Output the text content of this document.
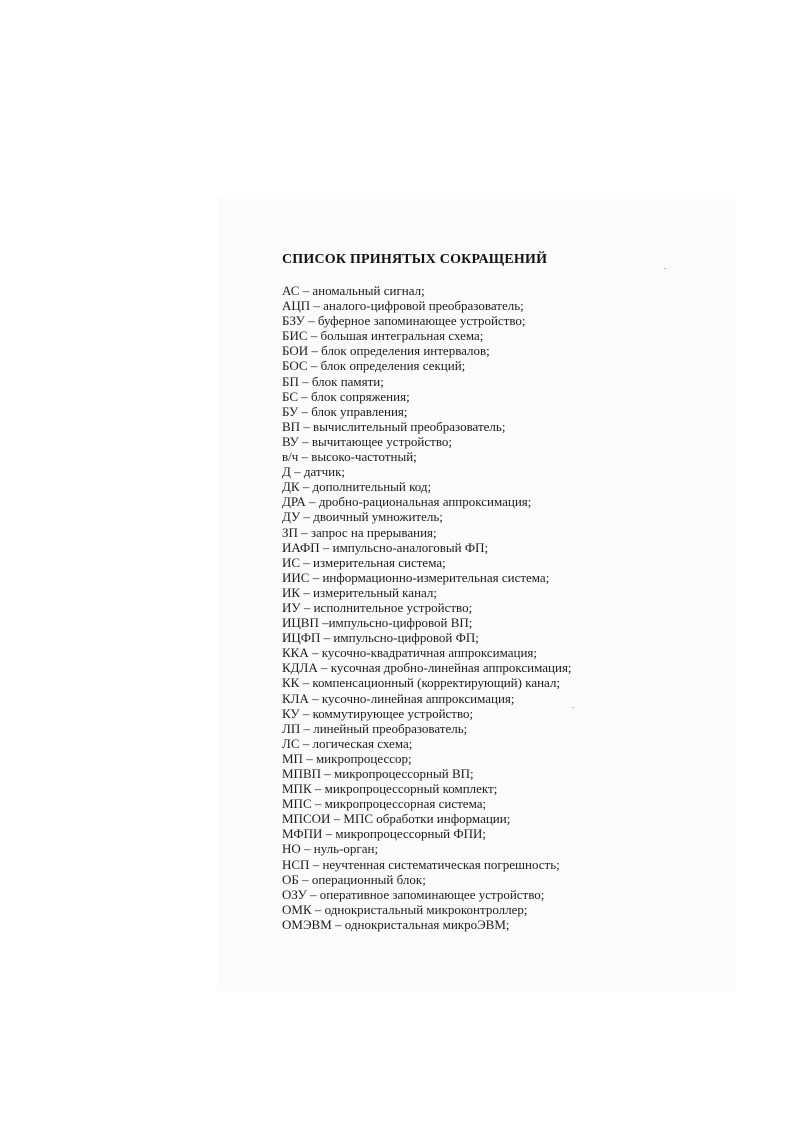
СПИСОК ПРИНЯТЫХ СОКРАЩЕНИЙ
АС – аномальный сигнал;
АЦП – аналого-цифровой преобразователь;
БЗУ – буферное запоминающее устройство;
БИС – большая интегральная схема;
БОИ – блок определения интервалов;
БОС – блок определения секций;
БП – блок памяти;
БС – блок сопряжения;
БУ – блок управления;
ВП – вычислительный преобразователь;
ВУ – вычитающее устройство;
в/ч – высоко-частотный;
Д – датчик;
ДК – дополнительный код;
ДРА – дробно-рациональная аппроксимация;
ДУ – двоичный умножитель;
ЗП – запрос на прерывания;
ИАФП – импульсно-аналоговый ФП;
ИС – измерительная система;
ИИС – информационно-измерительная система;
ИК – измерительный канал;
ИУ – исполнительное устройство;
ИЦВП –импульсно-цифровой ВП;
ИЦФП – импульсно-цифровой ФП;
ККА – кусочно-квадратичная аппроксимация;
КДЛА – кусочная дробно-линейная аппроксимация;
КК – компенсационный (корректирующий) канал;
КЛА – кусочно-линейная аппроксимация;
КУ – коммутирующее устройство;
ЛП – линейный преобразователь;
ЛС – логическая схема;
МП – микропроцессор;
МПВП – микропроцессорный ВП;
МПК – микропроцессорный комплект;
МПС – микропроцессорная система;
МПСОИ – МПС обработки информации;
МФПИ – микропроцессорный ФПИ;
НО – нуль-орган;
НСП – неучтенная систематическая погрешность;
ОБ – операционный блок;
ОЗУ – оперативное запоминающее устройство;
ОМК – однокристальный микроконтроллер;
ОМЭВМ – однокристальная микроЭВМ;
